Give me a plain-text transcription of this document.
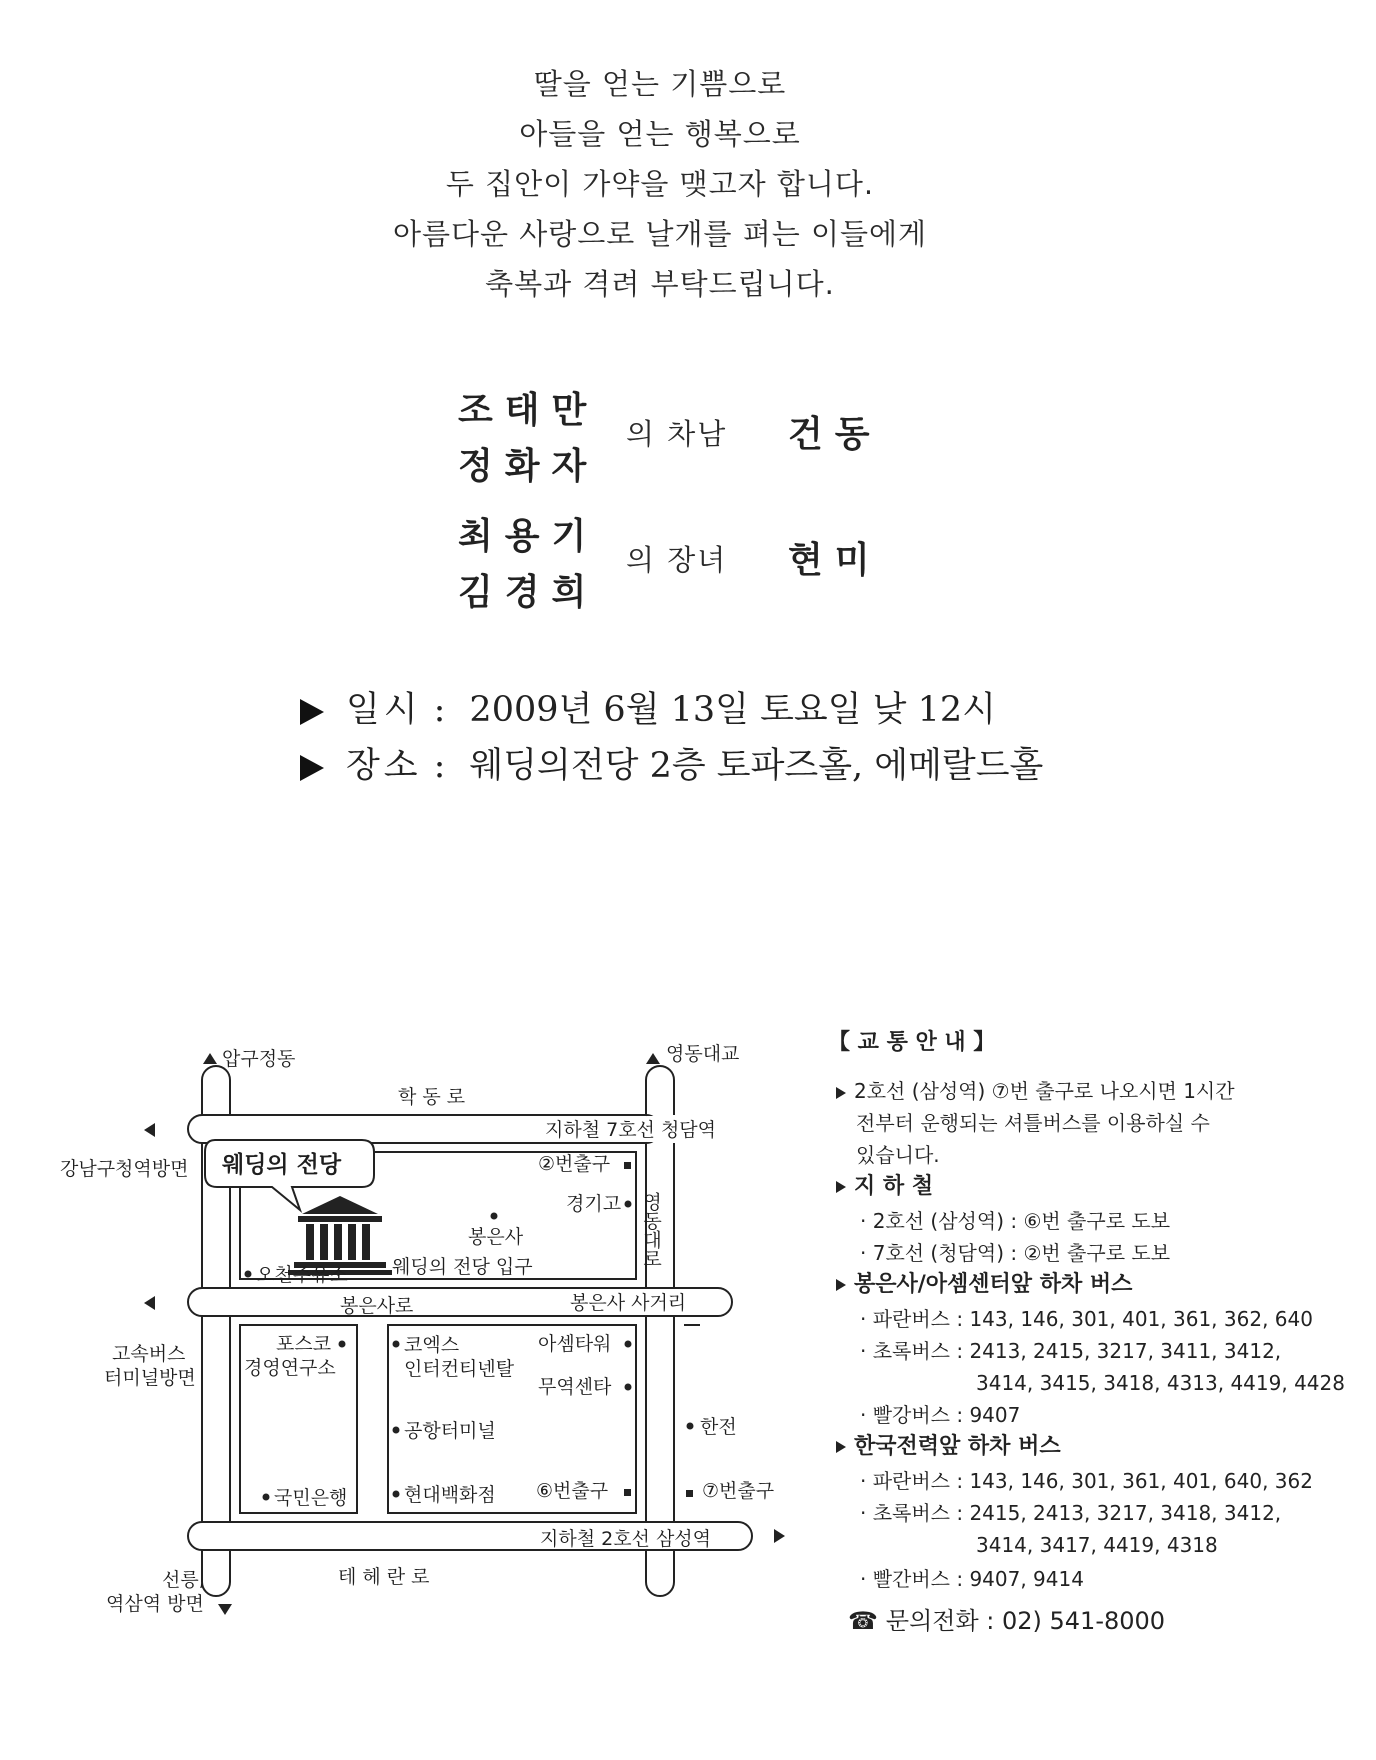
딸을 얻는 기쁨으로
아들을 얻는 행복으로
두 집안이 가약을 맺고자 합니다.
아름다운 사랑으로 날개를 펴는 이들에게
축복과 격려 부탁드립니다.
조태만
정화자
의 차남 건동
최용기
김경희
의 장녀 현미
일시 : 2009년 6월 13일 토요일 낮 12시
장소 : 웨딩의전당 2층 토파즈홀, 에메랄드홀
압구정동	영동대교
강남구청역방면
고속버스
터미널방면
선릉,
역삼역 방면
학 동 로
지하철 7호선 청담역
봉은사로	봉은사 사거리
지하철 2호선 삼성역
테 헤 란 로
영동대로
웨딩의 전당	②번출구
경기고
봉은사
오천주유소 웨딩의 전당 입구
포스코
경영연구소
국민은행
코엑스
인터컨티넨탈
아셈타워
무역센타
공항터미널
현대백화점 ⑥번출구
한전
⑦번출구
【 교 통 안 내 】
2호선 (삼성역) ⑦번 출구로 나오시면 1시간
전부터 운행되는 셔틀버스를 이용하실 수
있습니다.
지 하 철
· 2호선 (삼성역) : ⑥번 출구로 도보
· 7호선 (청담역) : ②번 출구로 도보
봉은사/아셈센터앞 하차 버스
· 파란버스 : 143, 146, 301, 401, 361, 362, 640
· 초록버스 : 2413, 2415, 3217, 3411, 3412,
3414, 3415, 3418, 4313, 4419, 4428
· 빨강버스 : 9407
한국전력앞 하차 버스
· 파란버스 : 143, 146, 301, 361, 401, 640, 362
· 초록버스 : 2415, 2413, 3217, 3418, 3412,
3414, 3417, 4419, 4318
· 빨간버스 : 9407, 9414
☎ 문의전화 : 02) 541-8000
